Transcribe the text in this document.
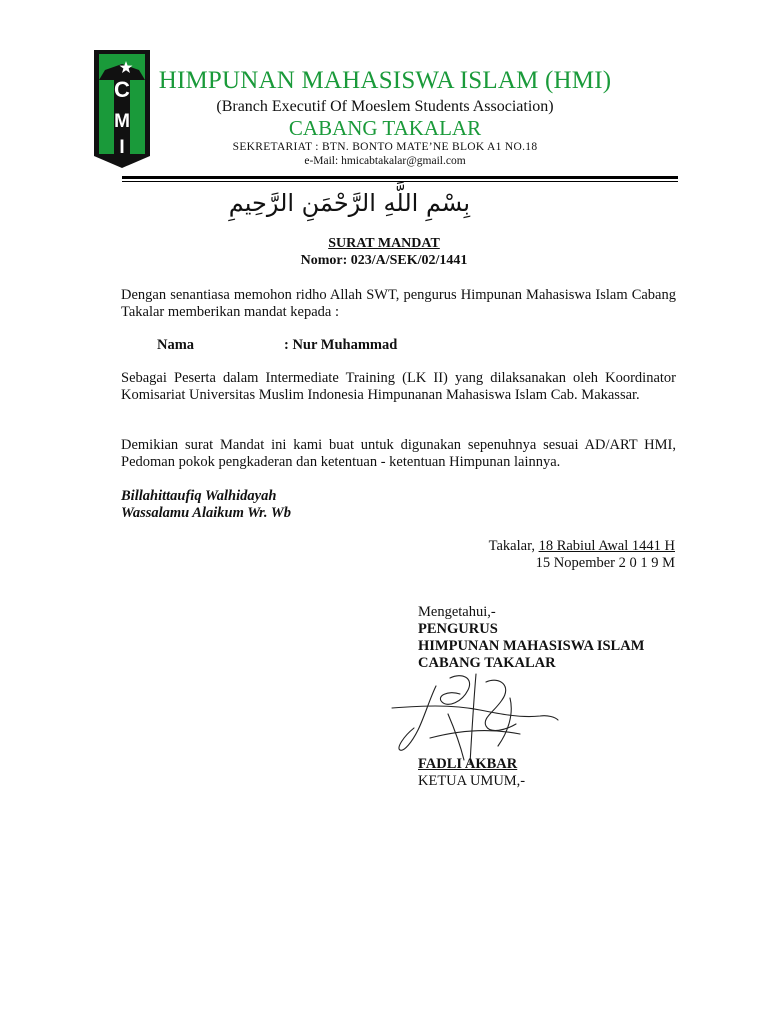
C
M
I
HIMPUNAN MAHASISWA ISLAM (HMI)
(Branch Executif Of Moeslem Students Association)
CABANG TAKALAR
SEKRETARIAT : BTN. BONTO MATE’NE BLOK A1 NO.18
e-Mail: hmicabtakalar@gmail.com
بِسْمِ اللَّهِ الرَّحْمَنِ الرَّحِيمِ
SURAT MANDAT
Nomor: 023/A/SEK/02/1441
Dengan senantiasa memohon ridho Allah SWT, pengurus Himpunan Mahasiswa Islam Cabang Takalar memberikan mandat kepada :
Nama	: Nur Muhammad
Sebagai Peserta dalam Intermediate Training (LK II) yang dilaksanakan oleh Koordinator Komisariat Universitas Muslim Indonesia Himpunanan Mahasiswa Islam Cab. Makassar.
Demikian surat Mandat ini kami buat untuk digunakan sepenuhnya sesuai AD/ART HMI, Pedoman pokok pengkaderan dan ketentuan - ketentuan Himpunan lainnya.
Billahittaufiq Walhidayah
Wassalamu Alaikum Wr. Wb
Takalar, 18 Rabiul Awal 1441 H
15 Nopember 2 0 1 9 M
Mengetahui,-
PENGURUS
HIMPUNAN MAHASISWA ISLAM
CABANG TAKALAR
FADLI AKBAR
KETUA UMUM,-
